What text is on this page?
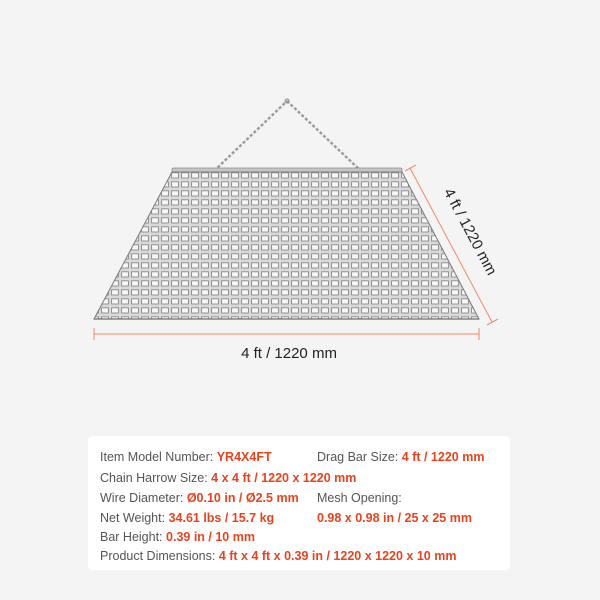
4 ft / 1220 mm
4 ft / 1220 mm
Item Model Number: YR4X4FT	Drag Bar Size: 4 ft / 1220 mm
Chain Harrow Size: 4 x 4 ft / 1220 x 1220 mm
Wire Diameter: Ø0.10 in / Ø2.5 mm Mesh Opening:
Net Weight: 34.61 lbs / 15.7 kg	0.98 x 0.98 in / 25 x 25 mm
Bar Height: 0.39 in / 10 mm
Product Dimensions: 4 ft x 4 ft x 0.39 in / 1220 x 1220 x 10 mm
